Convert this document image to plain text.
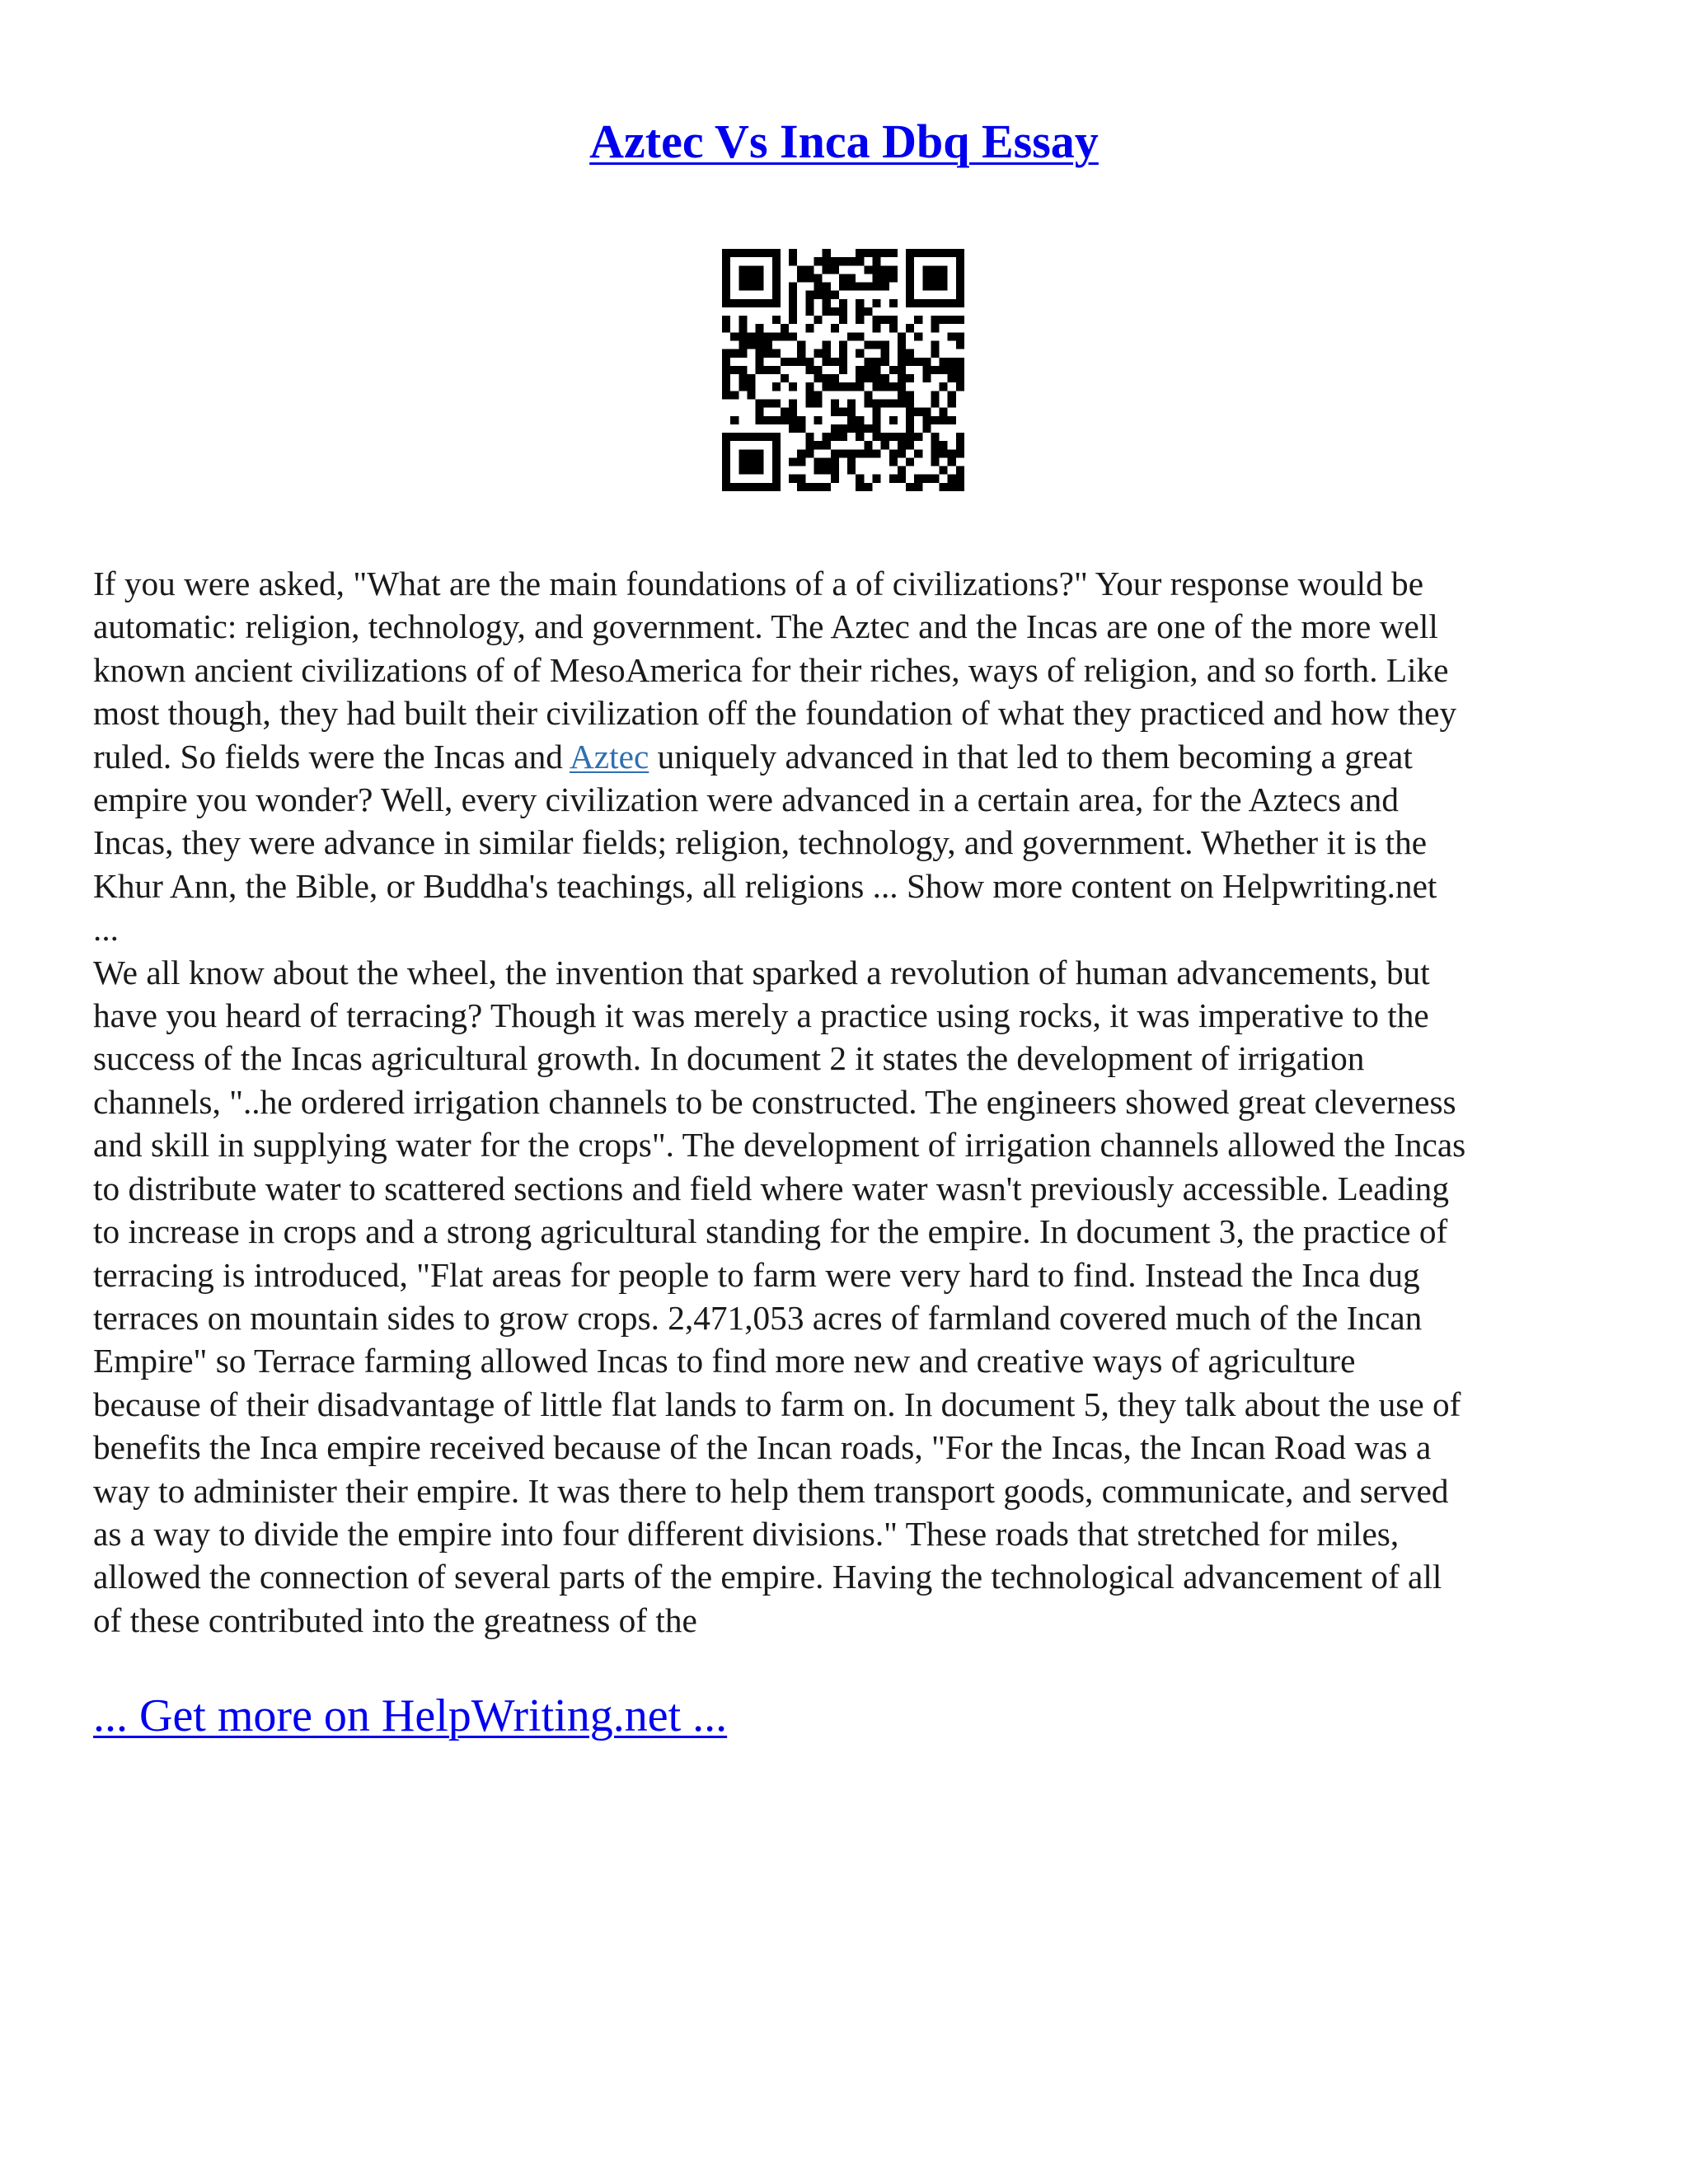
Aztec Vs Inca Dbq Essay

If you were asked, "What are the main foundations of a of civilizations?" Your response would be

automatic: religion, technology, and government. The Aztec and the Incas are one of the more well

known ancient civilizations of of MesoAmerica for their riches, ways of religion, and so forth. Like

most though, they had built their civilization off the foundation of what they practiced and how they

ruled. So fields were the Incas and Aztec uniquely advanced in that led to them becoming a great

empire you wonder? Well, every civilization were advanced in a certain area, for the Aztecs and

Incas, they were advance in similar fields; religion, technology, and government. Whether it is the

Khur Ann, the Bible, or Buddha's teachings, all religions ... Show more content on Helpwriting.net

...

We all know about the wheel, the invention that sparked a revolution of human advancements, but

have you heard of terracing? Though it was merely a practice using rocks, it was imperative to the

success of the Incas agricultural growth. In document 2 it states the development of irrigation

channels, "..he ordered irrigation channels to be constructed. The engineers showed great cleverness

and skill in supplying water for the crops". The development of irrigation channels allowed the Incas

to distribute water to scattered sections and field where water wasn't previously accessible. Leading

to increase in crops and a strong agricultural standing for the empire. In document 3, the practice of

terracing is introduced, "Flat areas for people to farm were very hard to find. Instead the Inca dug

terraces on mountain sides to grow crops. 2,471,053 acres of farmland covered much of the Incan

Empire" so Terrace farming allowed Incas to find more new and creative ways of agriculture

because of their disadvantage of little flat lands to farm on. In document 5, they talk about the use of

benefits the Inca empire received because of the Incan roads, "For the Incas, the Incan Road was a

way to administer their empire. It was there to help them transport goods, communicate, and served

as a way to divide the empire into four different divisions." These roads that stretched for miles,

allowed the connection of several parts of the empire. Having the technological advancement of all

of these contributed into the greatness of the

... Get more on HelpWriting.net ...
